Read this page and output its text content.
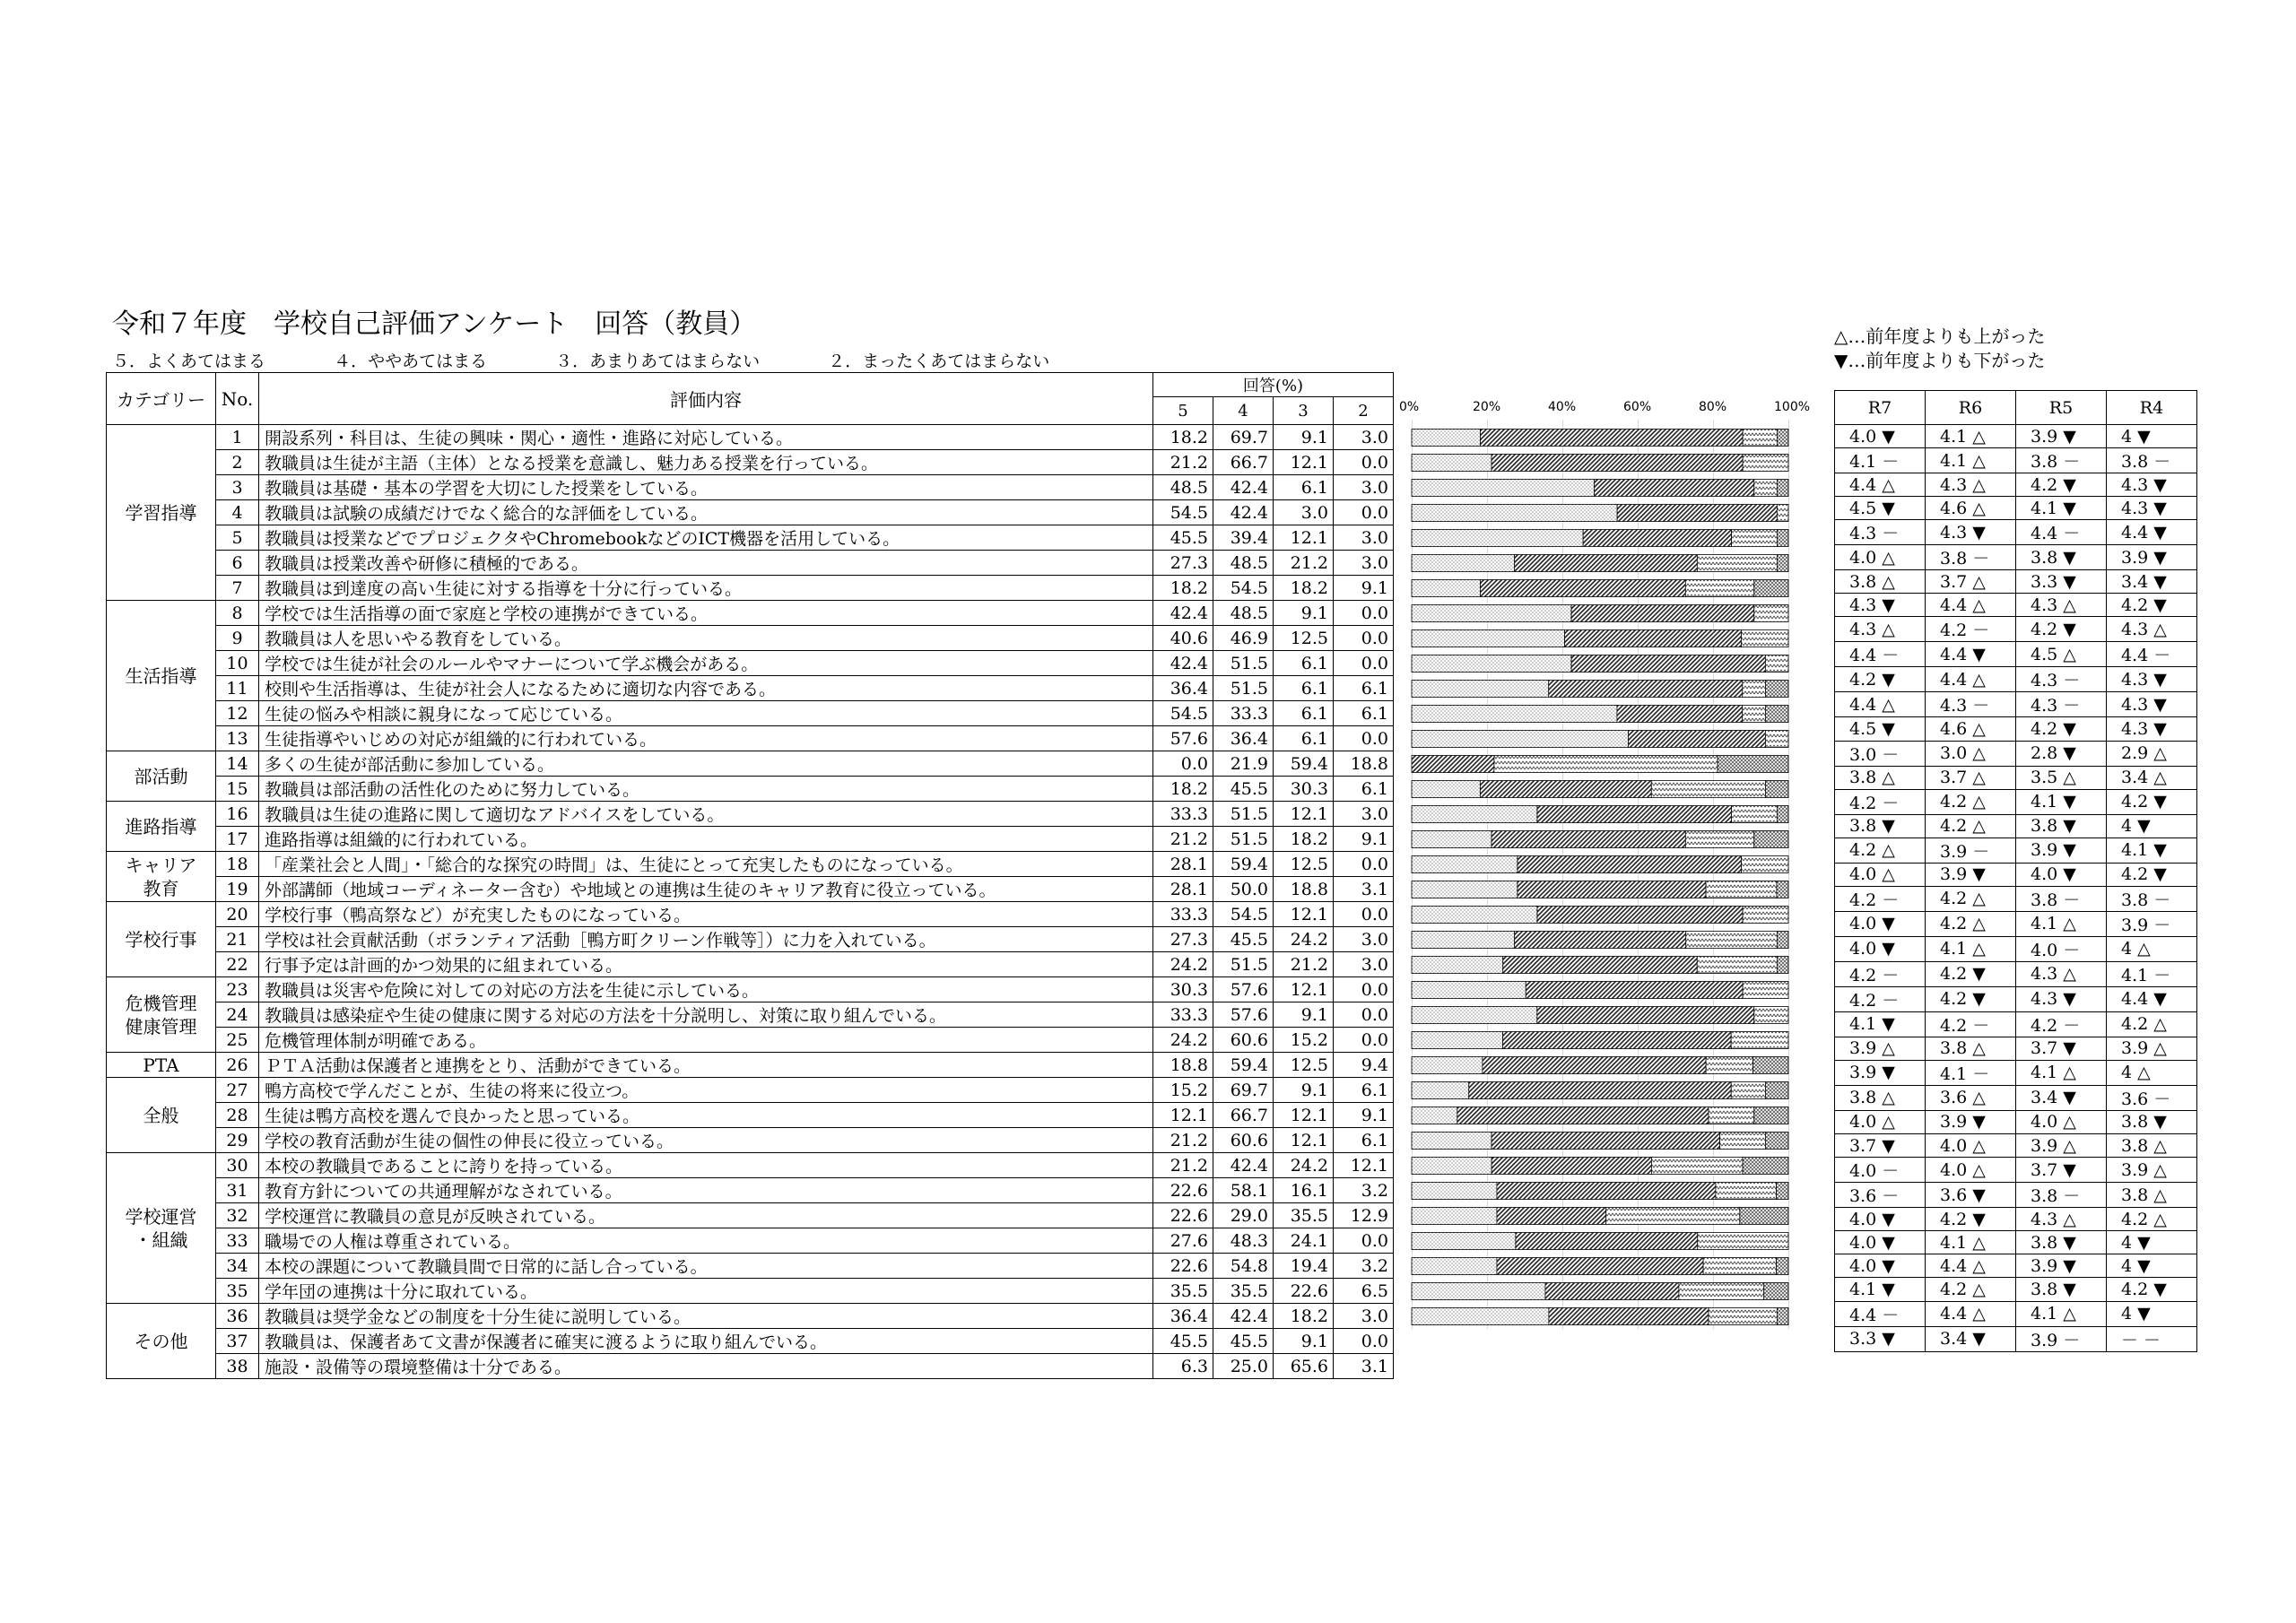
令和７年度　学校自己評価アンケート　回答（教員）
５．よくあてはまる	４．ややあてはまる	３．あまりあてはまらない	２．まったくあてはまらない
△…前年度よりも上がった
▼…前年度よりも下がった
カテゴリー	No.	評価内容	回答(%)			
			5	4	3	2
学習指導	1	開設系列・科目は、生徒の興味・関心・適性・進路に対応している。	18.2	69.7	9.1	3.0
	2	教職員は生徒が主語（主体）となる授業を意識し、魅力ある授業を行っている。	21.2	66.7	12.1	0.0
	3	教職員は基礎・基本の学習を大切にした授業をしている。	48.5	42.4	6.1	3.0
	4	教職員は試験の成績だけでなく総合的な評価をしている。	54.5	42.4	3.0	0.0
	5	教職員は授業などでプロジェクタやChromebookなどのICT機器を活用している。	45.5	39.4	12.1	3.0
	6	教職員は授業改善や研修に積極的である。	27.3	48.5	21.2	3.0
	7	教職員は到達度の高い生徒に対する指導を十分に行っている。	18.2	54.5	18.2	9.1
生活指導	8	学校では生活指導の面で家庭と学校の連携ができている。	42.4	48.5	9.1	0.0
	9	教職員は人を思いやる教育をしている。	40.6	46.9	12.5	0.0
	10	学校では生徒が社会のルールやマナーについて学ぶ機会がある。	42.4	51.5	6.1	0.0
	11	校則や生活指導は、生徒が社会人になるために適切な内容である。	36.4	51.5	6.1	6.1
	12	生徒の悩みや相談に親身になって応じている。	54.5	33.3	6.1	6.1
	13	生徒指導やいじめの対応が組織的に行われている。	57.6	36.4	6.1	0.0
部活動	14	多くの生徒が部活動に参加している。	0.0	21.9	59.4	18.8
	15	教職員は部活動の活性化のために努力している。	18.2	45.5	30.3	6.1
進路指導	16	教職員は生徒の進路に関して適切なアドバイスをしている。	33.3	51.5	12.1	3.0
	17	進路指導は組織的に行われている。	21.2	51.5	18.2	9.1
キャリア
教育	18	「産業社会と人間」・「総合的な探究の時間」は、生徒にとって充実したものになっている。	28.1	59.4	12.5	0.0
	19	外部講師（地域コーディネーター含む）や地域との連携は生徒のキャリア教育に役立っている。	28.1	50.0	18.8	3.1
学校行事	20	学校行事（鴨高祭など）が充実したものになっている。	33.3	54.5	12.1	0.0
	21	学校は社会貢献活動（ボランティア活動［鴨方町クリーン作戦等］）に力を入れている。	27.3	45.5	24.2	3.0
	22	行事予定は計画的かつ効果的に組まれている。	24.2	51.5	21.2	3.0
危機管理
健康管理	23	教職員は災害や危険に対しての対応の方法を生徒に示している。	30.3	57.6	12.1	0.0
	24	教職員は感染症や生徒の健康に関する対応の方法を十分説明し、対策に取り組んでいる。	33.3	57.6	9.1	0.0
	25	危機管理体制が明確である。	24.2	60.6	15.2	0.0
PTA	26	ＰＴＡ活動は保護者と連携をとり、活動ができている。	18.8	59.4	12.5	9.4
全般	27	鴨方高校で学んだことが、生徒の将来に役立つ。	15.2	69.7	9.1	6.1
	28	生徒は鴨方高校を選んで良かったと思っている。	12.1	66.7	12.1	9.1
	29	学校の教育活動が生徒の個性の伸長に役立っている。	21.2	60.6	12.1	6.1
学校運営
・組織	30	本校の教職員であることに誇りを持っている。	21.2	42.4	24.2	12.1
	31	教育方針についての共通理解がなされている。	22.6	58.1	16.1	3.2
	32	学校運営に教職員の意見が反映されている。	22.6	29.0	35.5	12.9
	33	職場での人権は尊重されている。	27.6	48.3	24.1	0.0
	34	本校の課題について教職員間で日常的に話し合っている。	22.6	54.8	19.4	3.2
	35	学年団の連携は十分に取れている。	35.5	35.5	22.6	6.5
その他	36	教職員は奨学金などの制度を十分生徒に説明している。	36.4	42.4	18.2	3.0
	37	教職員は、保護者あて文書が保護者に確実に渡るように取り組んでいる。	45.5	45.5	9.1	0.0
	38	施設・設備等の環境整備は十分である。	6.3	25.0	65.6	3.1
0%	20%	40%	60%	80%	100%	R7	R6	R5	R4
4.0 ▼	4.1 △	3.9 ▼	4 ▼
4.1 －	4.1 △	3.8 －	3.8 －
4.4 △	4.3 △	4.2 ▼	4.3 ▼
4.5 ▼	4.6 △	4.1 ▼	4.3 ▼
4.3 －	4.3 ▼	4.4 －	4.4 ▼
4.0 △	3.8 －	3.8 ▼	3.9 ▼
3.8 △	3.7 △	3.3 ▼	3.4 ▼
4.3 ▼	4.4 △	4.3 △	4.2 ▼
4.3 △	4.2 －	4.2 ▼	4.3 △
4.4 －	4.4 ▼	4.5 △	4.4 －
4.2 ▼	4.4 △	4.3 －	4.3 ▼
4.4 △	4.3 －	4.3 －	4.3 ▼
4.5 ▼	4.6 △	4.2 ▼	4.3 ▼
3.0 －	3.0 △	2.8 ▼	2.9 △
3.8 △	3.7 △	3.5 △	3.4 △
4.2 －	4.2 △	4.1 ▼	4.2 ▼
3.8 ▼	4.2 △	3.8 ▼	4 ▼
4.2 △	3.9 －	3.9 ▼	4.1 ▼
4.0 △	3.9 ▼	4.0 ▼	4.2 ▼
4.2 －	4.2 △	3.8 －	3.8 －
4.0 ▼	4.2 △	4.1 △	3.9 －
4.0 ▼	4.1 △	4.0 －	4 △
4.2 －	4.2 ▼	4.3 △	4.1 －
4.2 －	4.2 ▼	4.3 ▼	4.4 ▼
4.1 ▼	4.2 －	4.2 －	4.2 △
3.9 △	3.8 △	3.7 ▼	3.9 △
3.9 ▼	4.1 －	4.1 △	4 △
3.8 △	3.6 △	3.4 ▼	3.6 －
4.0 △	3.9 ▼	4.0 △	3.8 ▼
3.7 ▼	4.0 △	3.9 △	3.8 △
4.0 －	4.0 △	3.7 ▼	3.9 △
3.6 －	3.6 ▼	3.8 －	3.8 △
4.0 ▼	4.2 ▼	4.3 △	4.2 △
4.0 ▼	4.1 △	3.8 ▼	4 ▼
4.0 ▼	4.4 △	3.9 ▼	4 ▼
4.1 ▼	4.2 △	3.8 ▼	4.2 ▼
4.4 －	4.4 △	4.1 △	4 ▼
3.3 ▼	3.4 ▼	3.9 －	－ －
